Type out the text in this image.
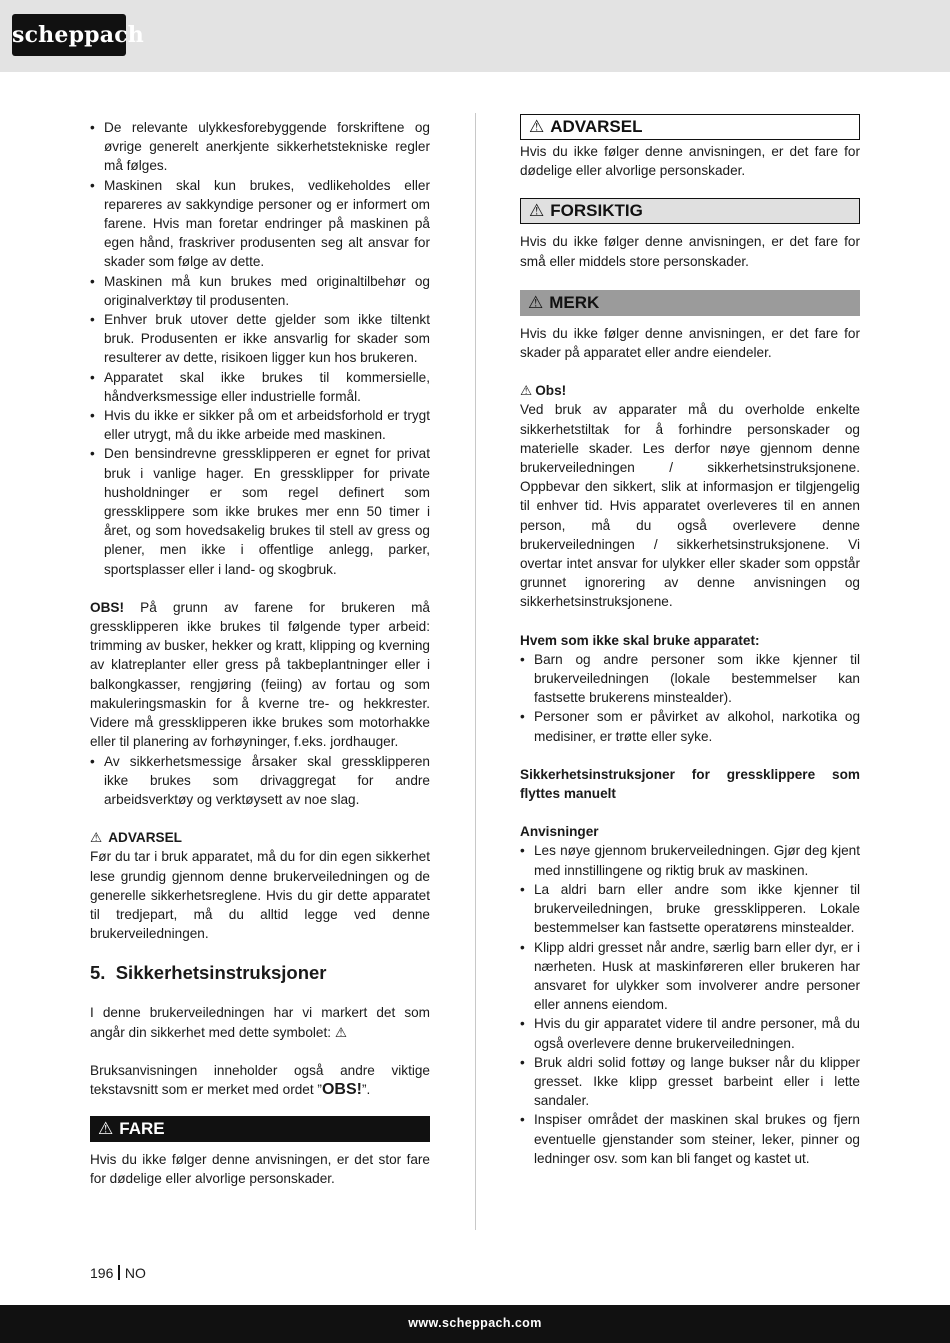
scheppach
• De relevante ulykkesforebyggende forskriftene og øvrige generelt anerkjente sikkerhetstekniske regler må følges.
• Maskinen skal kun brukes, vedlikeholdes eller repareres av sakkyndige personer og er informert om farene. Hvis man foretar endringer på maskinen på egen hånd, fraskriver produsenten seg alt ansvar for skader som følge av dette.
• Maskinen må kun brukes med originaltilbehør og originalverktøy til produsenten.
• Enhver bruk utover dette gjelder som ikke tiltenkt bruk. Produsenten er ikke ansvarlig for skader som resulterer av dette, risikoen ligger kun hos brukeren.
• Apparatet skal ikke brukes til kommersielle, håndverksmessige eller industrielle formål.
• Hvis du ikke er sikker på om et arbeidsforhold er trygt eller utrygt, må du ikke arbeide med maskinen.
• Den bensindrevne gressklipperen er egnet for privat bruk i vanlige hager. En gressklipper for private husholdninger er som regel definert som gressklippere som ikke brukes mer enn 50 timer i året, og som hovedsakelig brukes til stell av gress og plener, men ikke i offentlige anlegg, parker, sportsplasser eller i land- og skogbruk.

OBS! På grunn av farene for brukeren må gressklipperen ikke brukes til følgende typer arbeid: trimming av busker, hekker og kratt, klipping og kverning av klatreplanter eller gress på takbeplantninger eller i balkongkasser, rengjøring (feiing) av fortau og som makuleringsmaskin for å kverne tre- og hekkrester. Videre må gressklipperen ikke brukes som motorhakke eller til planering av forhøyninger, f.eks. jordhauger.

• Av sikkerhetsmessige årsaker skal gressklipperen ikke brukes som drivaggregat for andre arbeidsverktøy og verktøysett av noe slag.

⚠ ADVARSEL

Før du tar i bruk apparatet, må du for din egen sikkerhet lese grundig gjennom denne brukerveiledningen og de generelle sikkerhetsreglene. Hvis du gir dette apparatet til tredjepart, må du alltid legge ved denne brukerveiledningen.

5. Sikkerhetsinstruksjoner

I denne brukerveiledningen har vi markert det som angår din sikkerhet med dette symbolet: ⚠

Bruksanvisningen inneholder også andre viktige tekstavsnitt som er merket med ordet ”OBS!”.

⚠ FARE

Hvis du ikke følger denne anvisningen, er det stor fare for dødelige eller alvorlige personskader.

⚠ ADVARSEL

Hvis du ikke følger denne anvisningen, er det fare for dødelige eller alvorlige personskader.

⚠ FORSIKTIG

Hvis du ikke følger denne anvisningen, er det fare for små eller middels store personskader.

⚠ MERK

Hvis du ikke følger denne anvisningen, er det fare for skader på apparatet eller andre eiendeler.

⚠ Obs!

Ved bruk av apparater må du overholde enkelte sikkerhetstiltak for å forhindre personskader og materielle skader. Les derfor nøye gjennom denne brukerveiledningen / sikkerhetsinstruksjonene. Oppbevar den sikkert, slik at informasjon er tilgjengelig til enhver tid. Hvis apparatet overleveres til en annen person, må du også overlevere denne brukerveiledningen / sikkerhetsinstruksjonene. Vi overtar intet ansvar for ulykker eller skader som oppstår grunnet ignorering av denne anvisningen og sikkerhetsinstruksjonene.

Hvem som ikke skal bruke apparatet:

• Barn og andre personer som ikke kjenner til brukerveiledningen (lokale bestemmelser kan fastsette brukerens minstealder).
• Personer som er påvirket av alkohol, narkotika og medisiner, er trøtte eller syke.

Sikkerhetsinstruksjoner for gressklippere som flyttes manuelt

Anvisninger

• Les nøye gjennom brukerveiledningen. Gjør deg kjent med innstillingene og riktig bruk av maskinen.
• La aldri barn eller andre som ikke kjenner til brukerveiledningen, bruke gressklipperen. Lokale bestemmelser kan fastsette operatørens minstealder.
• Klipp aldri gresset når andre, særlig barn eller dyr, er i nærheten. Husk at maskinføreren eller brukeren har ansvaret for ulykker som involverer andre personer eller annens eiendom.
• Hvis du gir apparatet videre til andre personer, må du også overlevere denne brukerveiledningen.
• Bruk aldri solid fottøy og lange bukser når du klipper gresset. Ikke klipp gresset barbeint eller i lette sandaler.
• Inspiser området der maskinen skal brukes og fjern eventuelle gjenstander som steiner, leker, pinner og ledninger osv. som kan bli fanget og kastet ut.
196 NO
www.scheppach.com
